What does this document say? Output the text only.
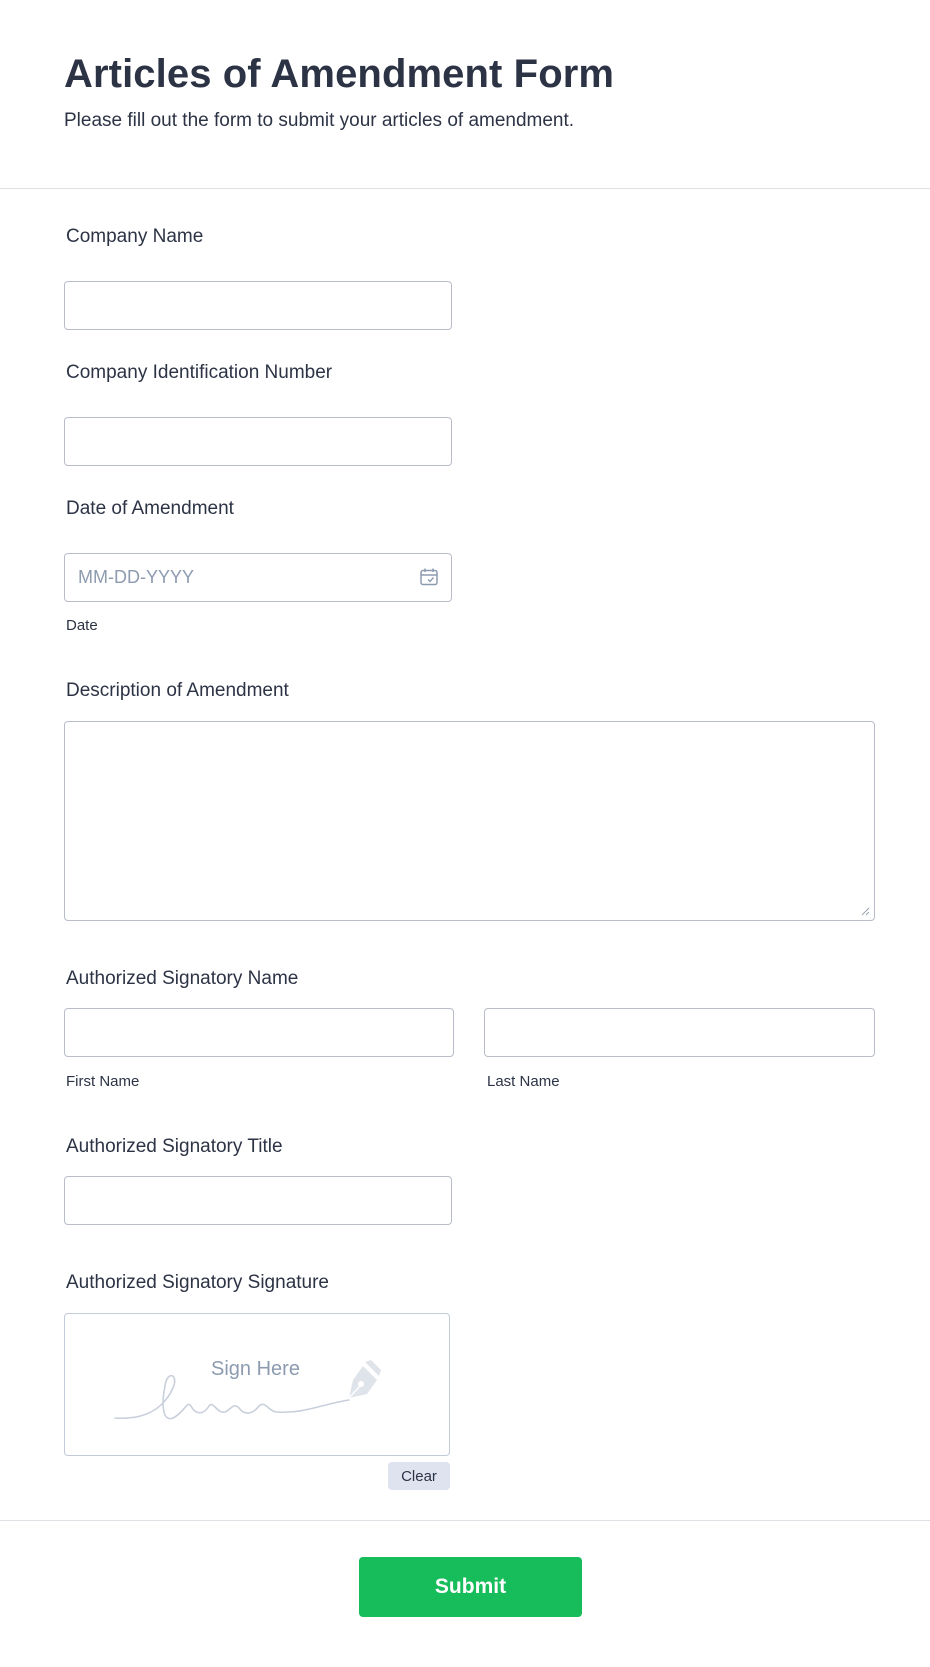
Articles of Amendment Form

Please fill out the form to submit your articles of amendment.

Company Name
Company Identification Number
Date of Amendment
MM-DD-YYYY
Date
Description of Amendment
Authorized Signatory Name
First Name	Last Name
Authorized Signatory Title
Authorized Signatory Signature
Sign Here
Clear
Submit
